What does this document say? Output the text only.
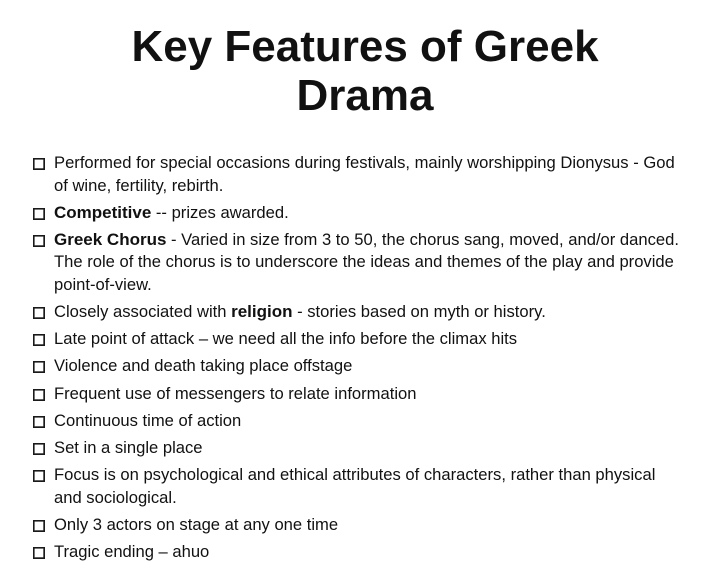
Key Features of Greek Drama
Performed for special occasions during festivals, mainly worshipping Dionysus - God of wine, fertility, rebirth.
Competitive -- prizes awarded.
Greek Chorus - Varied in size from 3 to 50, the chorus sang, moved, and/or danced. The role of the chorus is to underscore the ideas and themes of the play and provide point-of-view.
Closely associated with religion - stories based on myth or history.
Late point of attack – we need all the info before the climax hits
Violence and death taking place offstage
Frequent use of messengers to relate information
Continuous time of action
Set in a single place
Focus is on psychological and ethical attributes of characters, rather than physical and sociological.
Only 3 actors on stage at any one time
Tragic ending – ahuo
